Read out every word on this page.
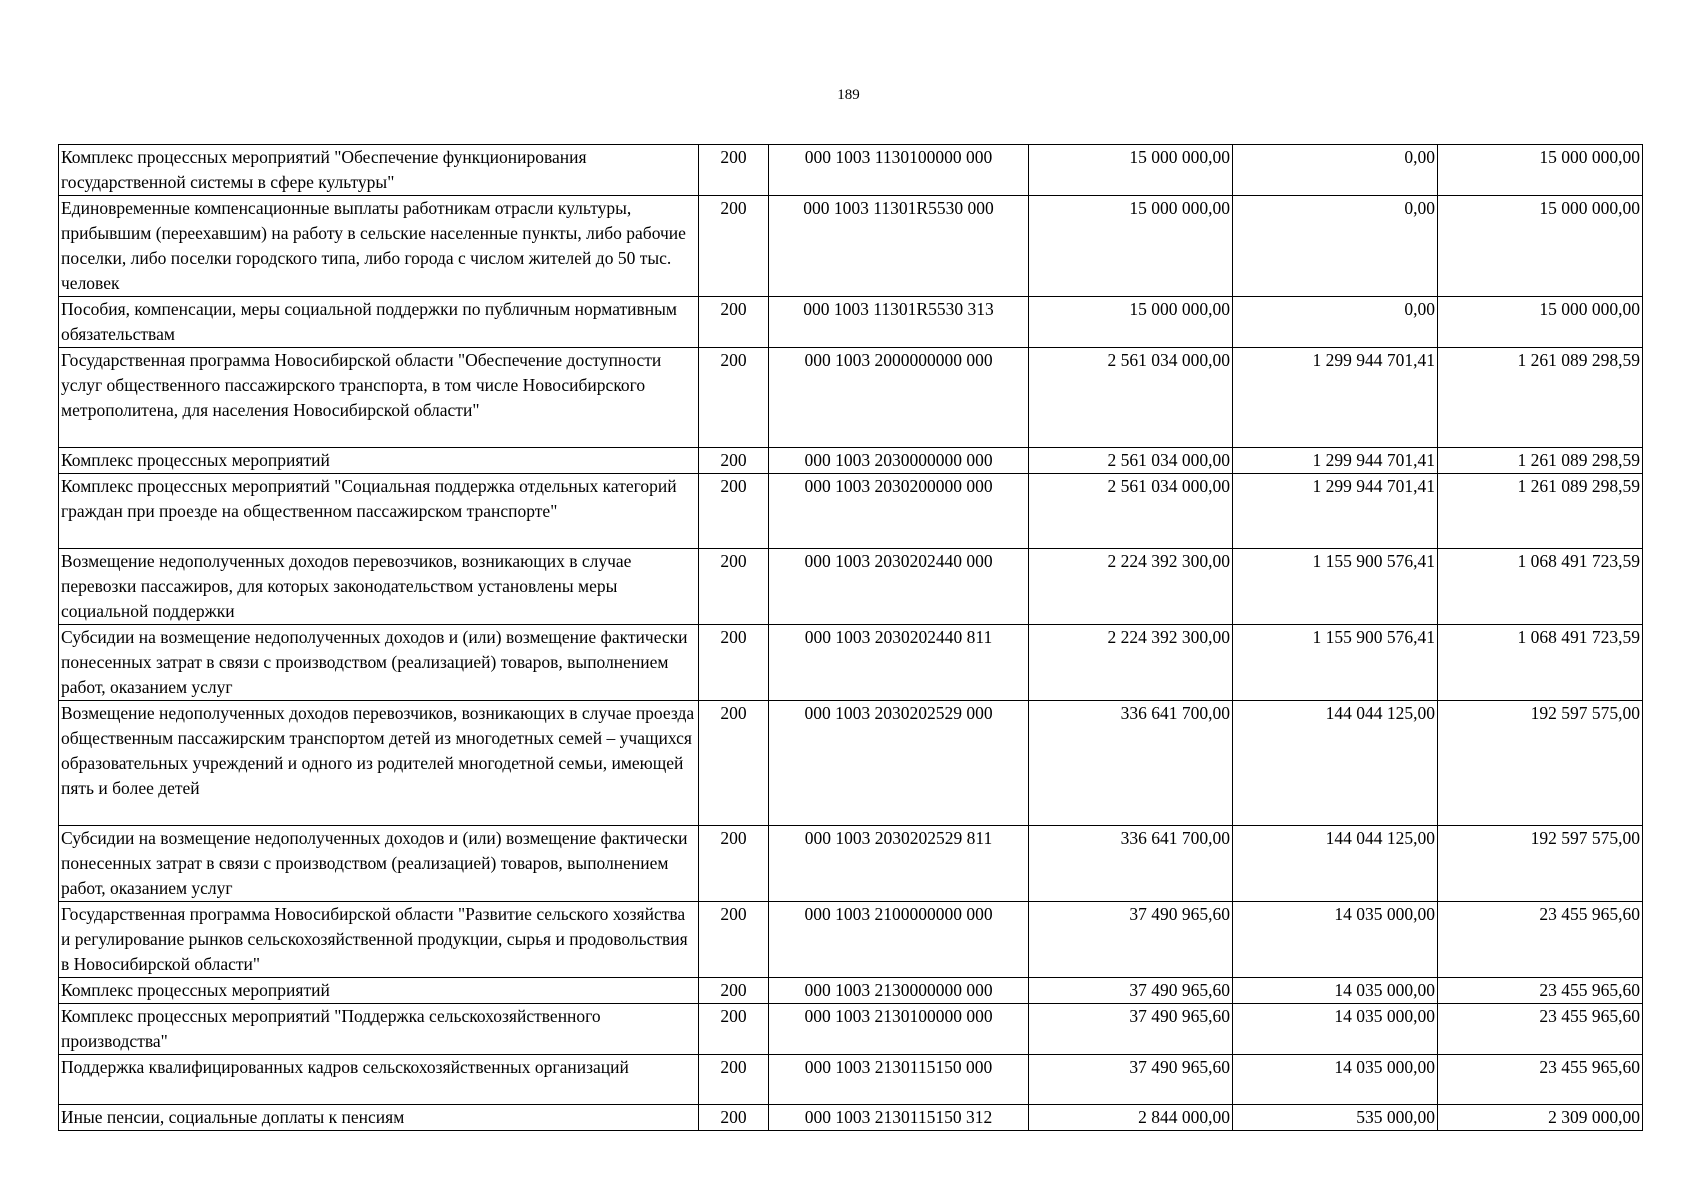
189
Комплекс процессных мероприятий "Обеспечение функционирования государственной системы в сфере культуры"	200	000 1003 1130100000 000	15 000 000,00	0,00	15 000 000,00
Единовременные компенсационные выплаты работникам отрасли культуры, прибывшим (переехавшим) на работу в сельские населенные пункты, либо рабочие поселки, либо поселки городского типа, либо города с числом жителей до 50 тыс. человек	200	000 1003 11301R5530 000	15 000 000,00	0,00	15 000 000,00
Пособия, компенсации, меры социальной поддержки по публичным нормативным обязательствам	200	000 1003 11301R5530 313	15 000 000,00	0,00	15 000 000,00
Государственная программа Новосибирской области "Обеспечение доступности услуг общественного пассажирского транспорта, в том числе Новосибирского метрополитена, для населения Новосибирской области"	200	000 1003 2000000000 000	2 561 034 000,00	1 299 944 701,41	1 261 089 298,59
Комплекс процессных мероприятий	200	000 1003 2030000000 000	2 561 034 000,00	1 299 944 701,41	1 261 089 298,59
Комплекс процессных мероприятий "Социальная поддержка отдельных категорий граждан при проезде на общественном пассажирском транспорте"	200	000 1003 2030200000 000	2 561 034 000,00	1 299 944 701,41	1 261 089 298,59
Возмещение недополученных доходов перевозчиков, возникающих в случае перевозки пассажиров, для которых законодательством установлены меры социальной поддержки	200	000 1003 2030202440 000	2 224 392 300,00	1 155 900 576,41	1 068 491 723,59
Субсидии на возмещение недополученных доходов и (или) возмещение фактически понесенных затрат в связи с производством (реализацией) товаров, выполнением работ, оказанием услуг	200	000 1003 2030202440 811	2 224 392 300,00	1 155 900 576,41	1 068 491 723,59
Возмещение недополученных доходов перевозчиков, возникающих в случае проезда общественным пассажирским транспортом детей из многодетных семей – учащихся образовательных учреждений и одного из родителей многодетной семьи, имеющей пять и более детей	200	000 1003 2030202529 000	336 641 700,00	144 044 125,00	192 597 575,00
Субсидии на возмещение недополученных доходов и (или) возмещение фактически понесенных затрат в связи с производством (реализацией) товаров, выполнением работ, оказанием услуг	200	000 1003 2030202529 811	336 641 700,00	144 044 125,00	192 597 575,00
Государственная программа Новосибирской области "Развитие сельского хозяйства и регулирование рынков сельскохозяйственной продукции, сырья и продовольствия в Новосибирской области"	200	000 1003 2100000000 000	37 490 965,60	14 035 000,00	23 455 965,60
Комплекс процессных мероприятий	200	000 1003 2130000000 000	37 490 965,60	14 035 000,00	23 455 965,60
Комплекс процессных мероприятий "Поддержка сельскохозяйственного производства"	200	000 1003 2130100000 000	37 490 965,60	14 035 000,00	23 455 965,60
Поддержка квалифицированных кадров сельскохозяйственных организаций	200	000 1003 2130115150 000	37 490 965,60	14 035 000,00	23 455 965,60
Иные пенсии, социальные доплаты к пенсиям	200	000 1003 2130115150 312	2 844 000,00	535 000,00	2 309 000,00
